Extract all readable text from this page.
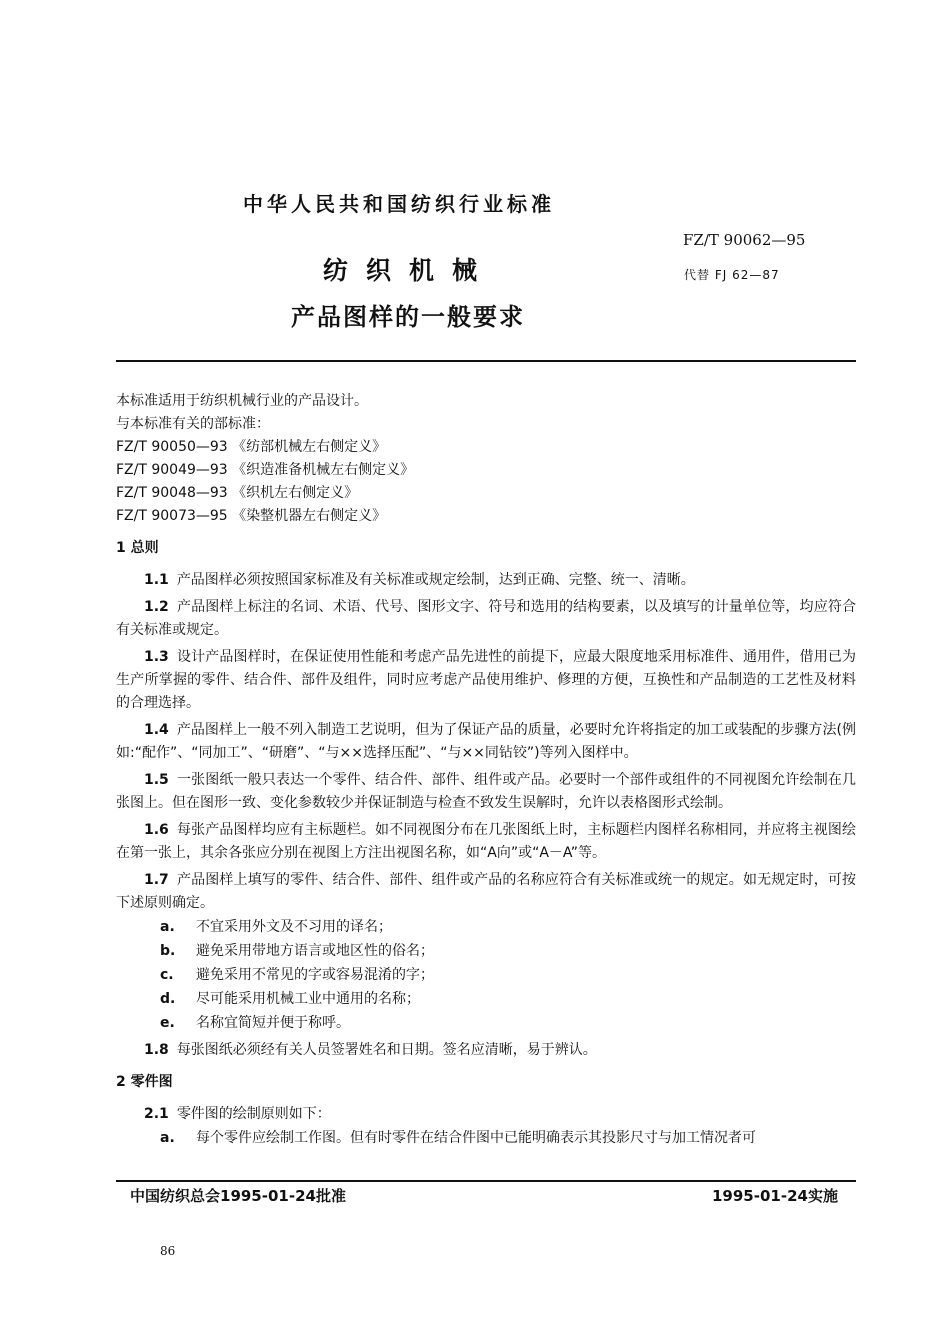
中华人民共和国纺织行业标准
FZ/T 90062—95
纺织机械	代替 FJ 62—87
产品图样的一般要求

本标准适用于纺织机械行业的产品设计。

与本标准有关的部标准：

FZ/T 90050—93 《纺部机械左右侧定义》

FZ/T 90049—93 《织造准备机械左右侧定义》

FZ/T 90048—93 《织机左右侧定义》

FZ/T 90073—95 《染整机器左右侧定义》

1 总则

1.1 产品图样必须按照国家标准及有关标准或规定绘制，达到正确、完整、统一、清晰。

1.2 产品图样上标注的名词、术语、代号、图形文字、符号和选用的结构要素，以及填写的计量单位等，均应符合有关标准或规定。

1.3 设计产品图样时，在保证使用性能和考虑产品先进性的前提下，应最大限度地采用标准件、通用件，借用已为生产所掌握的零件、结合件、部件及组件，同时应考虑产品使用维护、修理的方便，互换性和产品制造的工艺性及材料的合理选择。

1.4 产品图样上一般不列入制造工艺说明，但为了保证产品的质量，必要时允许将指定的加工或装配的步骤方法(例如:“配作”、“同加工”、“研磨”、“与××选择压配”、“与××同钻铰”)等列入图样中。

1.5 一张图纸一般只表达一个零件、结合件、部件、组件或产品。必要时一个部件或组件的不同视图允许绘制在几张图上。但在图形一致、变化参数较少并保证制造与检查不致发生误解时，允许以表格图形式绘制。

1.6 每张产品图样均应有主标题栏。如不同视图分布在几张图纸上时，主标题栏内图样名称相同，并应将主视图绘在第一张上，其余各张应分别在视图上方注出视图名称，如“A向”或“A－A”等。

1.7 产品图样上填写的零件、结合件、部件、组件或产品的名称应符合有关标准或统一的规定。如无规定时，可按下述原则确定。

a. 不宜采用外文及不习用的译名；

b. 避免采用带地方语言或地区性的俗名；

c. 避免采用不常见的字或容易混淆的字；

d. 尽可能采用机械工业中通用的名称；

e. 名称宜简短并便于称呼。

1.8 每张图纸必须经有关人员签署姓名和日期。签名应清晰，易于辨认。

2 零件图

2.1 零件图的绘制原则如下：

a. 每个零件应绘制工作图。但有时零件在结合件图中已能明确表示其投影尺寸与加工情况者可

中国纺织总会1995-01-24批准	1995-01-24实施
86
